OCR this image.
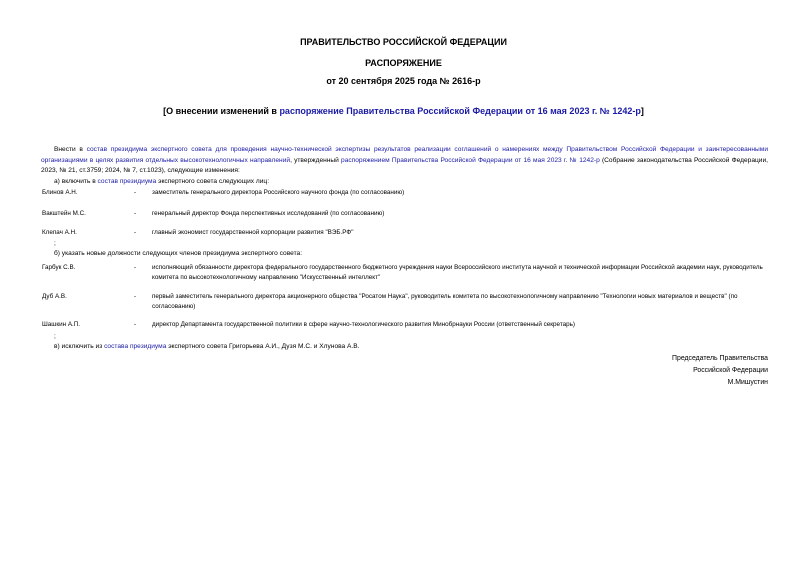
ПРАВИТЕЛЬСТВО РОССИЙСКОЙ ФЕДЕРАЦИИ
РАСПОРЯЖЕНИЕ
от 20 сентября 2025 года № 2616-р
[О внесении изменений в распоряжение Правительства Российской Федерации от 16 мая 2023 г. № 1242-р]
Внести в состав президиума экспертного совета для проведения научно-технической экспертизы результатов реализации соглашений о намерениях между Правительством Российской Федерации и заинтересованными организациями в целях развития отдельных высокотехнологичных направлений, утвержденный распоряжением Правительства Российской Федерации от 16 мая 2023 г. № 1242-р (Собрание законодательства Российской Федерации, 2023, № 21, ст.3759; 2024, № 7, ст.1023), следующие изменения:
а) включить в состав президиума экспертного совета следующих лиц:
Блинов А.Н.	-	заместитель генерального директора Российского научного фонда (по согласованию)
Вакштейн М.С.	-	генеральный директор Фонда перспективных исследований (по согласованию)
Клепач А.Н.	-	главный экономист государственной корпорации развития "ВЭБ.РФ"
;
б) указать новые должности следующих членов президиума экспертного совета:
Гарбук С.В.	-	исполняющий обязанности директора федерального государственного бюджетного учреждения науки Всероссийского института научной и технической информации Российской академии наук, руководитель комитета по высокотехнологичному направлению "Искусственный интеллект"
Дуб А.В.	-	первый заместитель генерального директора акционерного общества "Росатом Наука", руководитель комитета по высокотехнологичному направлению "Технологии новых материалов и веществ" (по согласованию)
Шашкин А.П.	-	директор Департамента государственной политики в сфере научно-технологического развития Минобрнауки России (ответственный секретарь)
;
в) исключить из состава президиума экспертного совета Григорьева А.И., Дузя М.С. и Хлунова А.В.
Председатель Правительства
Российской Федерации
М.Мишустин
